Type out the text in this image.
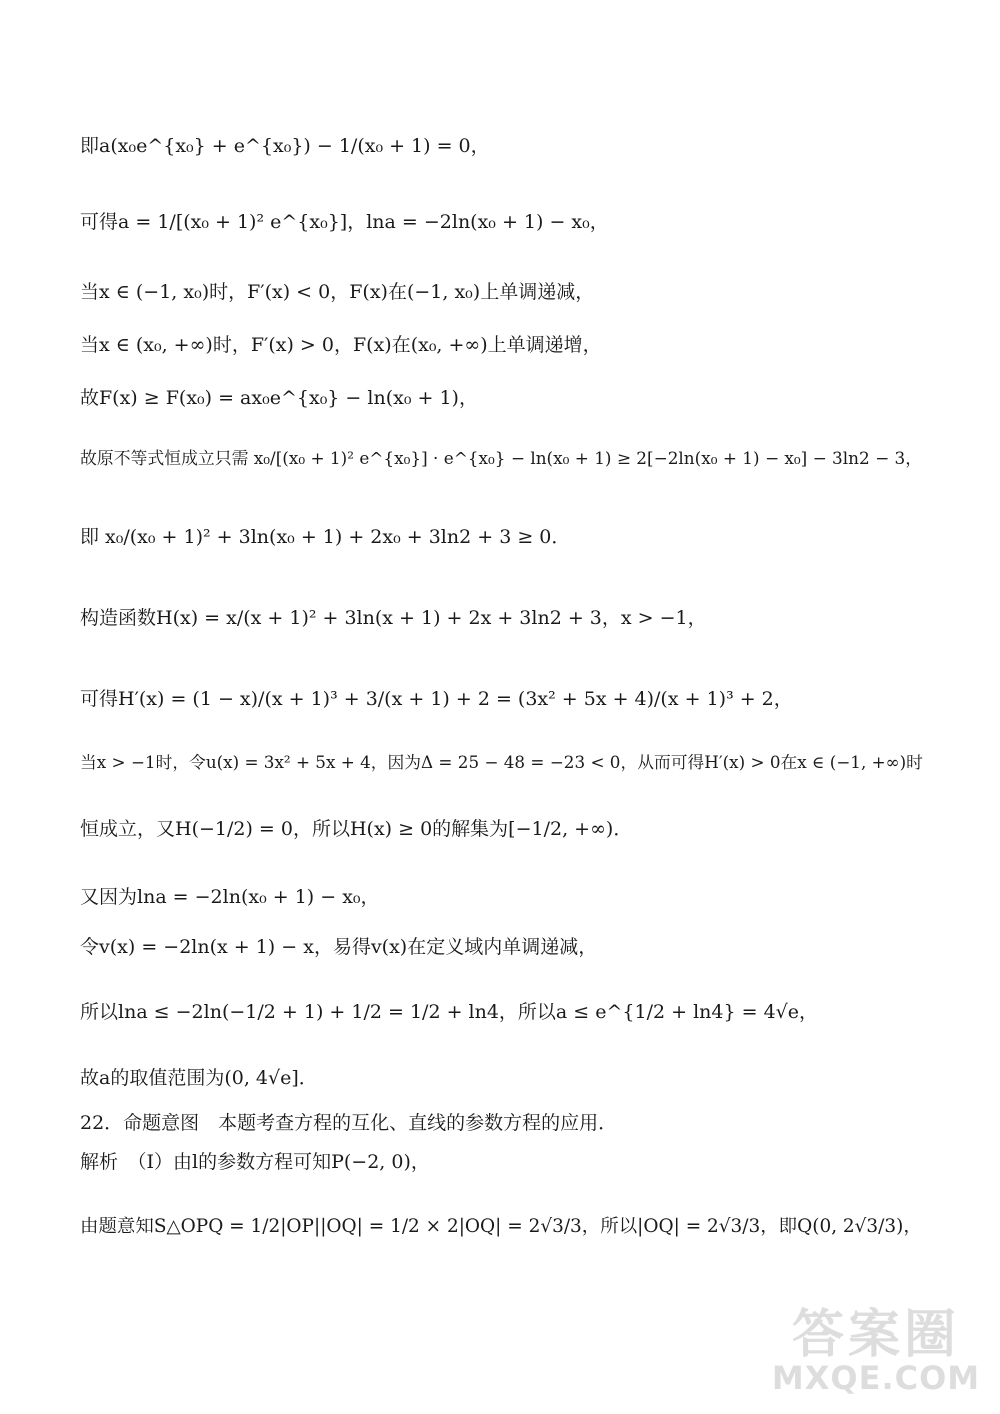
即a(x₀e^{x₀} + e^{x₀}) − 1/(x₀ + 1) = 0，
可得a = 1/[(x₀ + 1)² e^{x₀}]，lna = −2ln(x₀ + 1) − x₀，
当x ∈ (−1, x₀)时，F′(x) < 0，F(x)在(−1, x₀)上单调递减，
当x ∈ (x₀, +∞)时，F′(x) > 0，F(x)在(x₀, +∞)上单调递增，
故F(x) ≥ F(x₀) = ax₀e^{x₀} − ln(x₀ + 1)，
故原不等式恒成立只需 x₀/[(x₀ + 1)² e^{x₀}] · e^{x₀} − ln(x₀ + 1) ≥ 2[−2ln(x₀ + 1) − x₀] − 3ln2 − 3，
即 x₀/(x₀ + 1)² + 3ln(x₀ + 1) + 2x₀ + 3ln2 + 3 ≥ 0．
构造函数H(x) = x/(x + 1)² + 3ln(x + 1) + 2x + 3ln2 + 3，x > −1，
可得H′(x) = (1 − x)/(x + 1)³ + 3/(x + 1) + 2 = (3x² + 5x + 4)/(x + 1)³ + 2，
当x > −1时，令u(x) = 3x² + 5x + 4，因为Δ = 25 − 48 = −23 < 0，从而可得H′(x) > 0在x ∈ (−1, +∞)时
恒成立，又H(−1/2) = 0，所以H(x) ≥ 0的解集为[−1/2, +∞)．
又因为lna = −2ln(x₀ + 1) − x₀，
令v(x) = −2ln(x + 1) − x，易得v(x)在定义域内单调递减，
所以lna ≤ −2ln(−1/2 + 1) + 1/2 = 1/2 + ln4，所以a ≤ e^{1/2 + ln4} = 4√e，
故a的取值范围为(0, 4√e]．
22．命题意图　本题考查方程的互化、直线的参数方程的应用．
解析　（Ⅰ）由l的参数方程可知P(−2, 0)，
由题意知S△OPQ = 1/2|OP||OQ| = 1/2 × 2|OQ| = 2√3/3，所以|OQ| = 2√3/3，即Q(0, 2√3/3)，
答案圈
MXQE.COM
